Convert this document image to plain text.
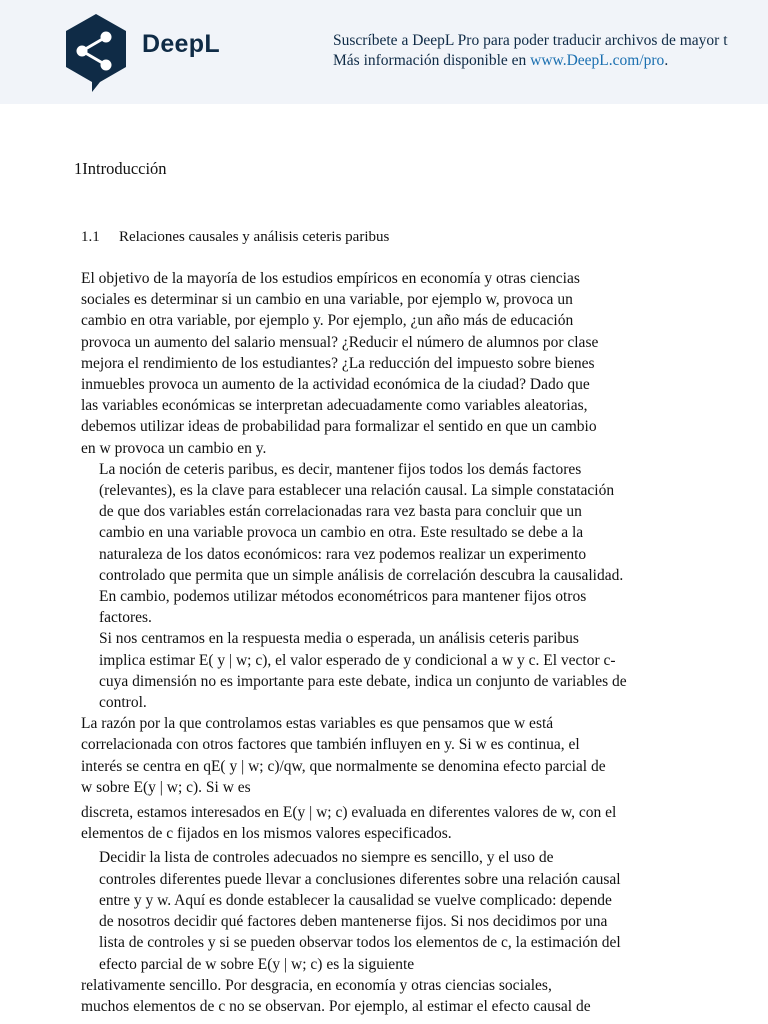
DeepL	Suscríbete a DeepL Pro para poder traducir archivos de mayor t
Más información disponible en www.DeepL.com/pro.
1Introducción
1.1 Relaciones causales y análisis ceteris paribus
El objetivo de la mayoría de los estudios empíricos en economía y otras ciencias
sociales es determinar si un cambio en una variable, por ejemplo w, provoca un
cambio en otra variable, por ejemplo y. Por ejemplo, ¿un año más de educación
provoca un aumento del salario mensual? ¿Reducir el número de alumnos por clase
mejora el rendimiento de los estudiantes? ¿La reducción del impuesto sobre bienes
inmuebles provoca un aumento de la actividad económica de la ciudad? Dado que
las variables económicas se interpretan adecuadamente como variables aleatorias,
debemos utilizar ideas de probabilidad para formalizar el sentido en que un cambio
en w provoca un cambio en y.
La noción de ceteris paribus, es decir, mantener fijos todos los demás factores
(relevantes), es la clave para establecer una relación causal. La simple constatación
de que dos variables están correlacionadas rara vez basta para concluir que un
cambio en una variable provoca un cambio en otra. Este resultado se debe a la
naturaleza de los datos económicos: rara vez podemos realizar un experimento
controlado que permita que un simple análisis de correlación descubra la causalidad.
En cambio, podemos utilizar métodos econométricos para mantener fijos otros
factores.
Si nos centramos en la respuesta media o esperada, un análisis ceteris paribus
implica estimar E( y | w; c), el valor esperado de y condicional a w y c. El vector c-
cuya dimensión no es importante para este debate, indica un conjunto de variables de
control.
La razón por la que controlamos estas variables es que pensamos que w está
correlacionada con otros factores que también influyen en y. Si w es continua, el
interés se centra en qE( y | w; c)/qw, que normalmente se denomina efecto parcial de
w sobre E(y | w; c). Si w es
discreta, estamos interesados en E(y | w; c) evaluada en diferentes valores de w, con el
elementos de c fijados en los mismos valores especificados.
Decidir la lista de controles adecuados no siempre es sencillo, y el uso de
controles diferentes puede llevar a conclusiones diferentes sobre una relación causal
entre y y w. Aquí es donde establecer la causalidad se vuelve complicado: depende
de nosotros decidir qué factores deben mantenerse fijos. Si nos decidimos por una
lista de controles y si se pueden observar todos los elementos de c, la estimación del
efecto parcial de w sobre E(y | w; c) es la siguiente
relativamente sencillo. Por desgracia, en economía y otras ciencias sociales,
muchos elementos de c no se observan. Por ejemplo, al estimar el efecto causal de
